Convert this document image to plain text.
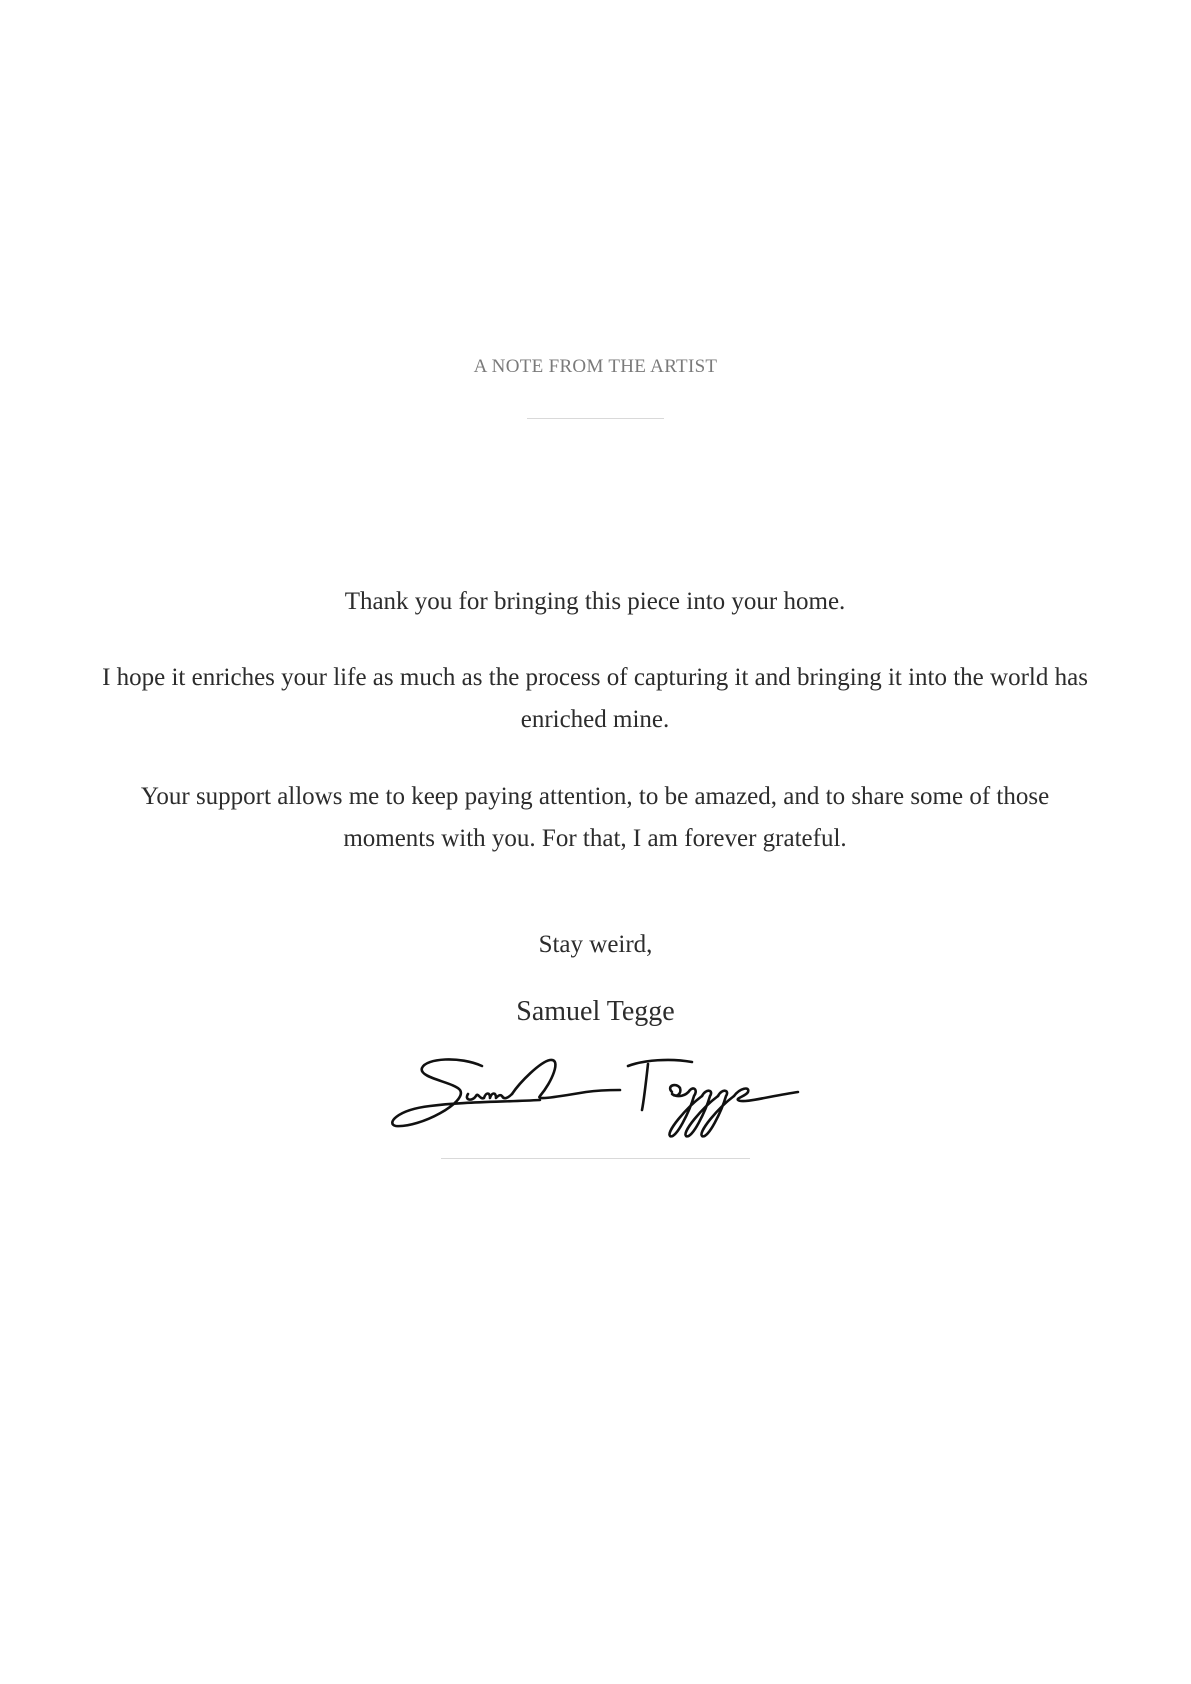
A NOTE FROM THE ARTIST
Thank you for bringing this piece into your home.
I hope it enriches your life as much as the process of capturing it and bringing it into the world has enriched mine.
Your support allows me to keep paying attention, to be amazed, and to share some of those moments with you. For that, I am forever grateful.
Stay weird,
Samuel Tegge
